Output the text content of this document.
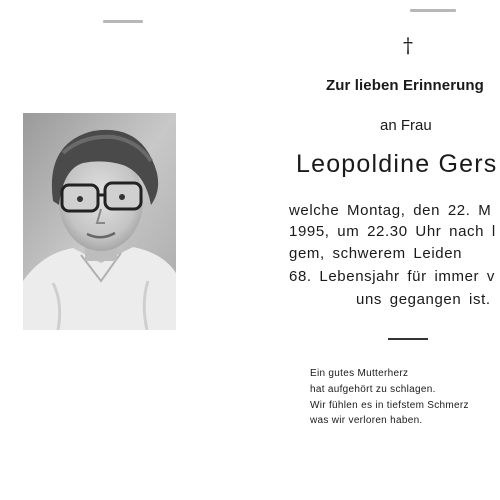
†
Zur lieben Erinnerung
an Frau
Leopoldine Gers
welche Montag, den 22. M
1995, um 22.30 Uhr nach l
gem, schwerem Leiden
68. Lebensjahr für immer v
uns gegangen ist.
Ein gutes Mutterherz
hat aufgehört zu schlagen.
Wir fühlen es in tiefstem Schmerz
was wir verloren haben.
